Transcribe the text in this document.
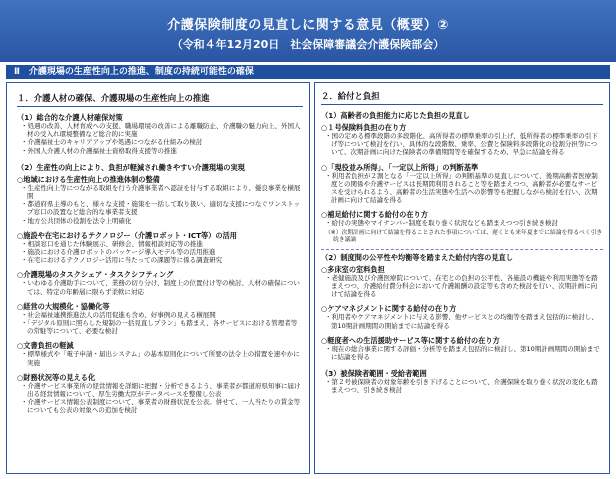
介護保険制度の見直しに関する意見（概要）②
（令和４年12月20日　社会保障審議会介護保険部会）
Ⅱ　介護現場の生産性向上の推進、制度の持続可能性の確保
１．介護人材の確保、介護現場の生産性向上の推進
（1）総合的な介護人材確保対策
・処遇の改善、人材育成への支援、職場環境の改善による離職防止、介護職の魅力向上、外国人材の受入れ環境整備など総合的に実施
・介護福祉士のキャリアアップや処遇につながる仕組みの検討
・外国人介護人材の介護福祉士資格取得支援等の推進
（2）生産性の向上により、負担が軽減され働きやすい介護現場の実現
○地域における生産性向上の推進体制の整備
・生産性向上等につながる取組を行う介護事業者へ認証を付与する取組により、優良事業を横展開
・都道府県主導のもと、様々な支援・施策を一括して取り扱い、適切な支援につなぐワンストップ窓口の設置など総合的な事業者支援
・地方公共団体の役割を法令上明確化
○施設や在宅におけるテクノロジー（介護ロボット・ICT等）の活用
・相談窓口を通じた体験展示、研修会、情報相談対応等の推進
・施設における介護ロボットのパッケージ導入モデル等の活用推進
・在宅におけるテクノロジー活用に当たっての課題等に係る調査研究
○介護現場のタスクシェア・タスクシフティング
・いわゆる介護助手について、業務の切り分け、制度上の位置付け等の検討、人材の確保については、特定の年齢層に限らず柔軟に対応
○経営の大規模化・協働化等
・社会福祉連携推進法人の活用促進も含め、好事例の見える横展開
・「デジタル原則に照らした規制の一括見直しプラン」も踏まえ、各サービスにおける管理者等の常駐等について、必要な検討
○文書負担の軽減
・標準様式や「電子申請・届出システム」の基本原則化について所要の法令上の措置を速やかに実施
○財務状況等の見える化
・介護サービス事業所の経営情報を詳細に把握・分析できるよう、事業者が都道府県知事に届け出る経営情報について、厚生労働大臣がデータベースを整備し公表
・介護サービス情報公表制度について、事業者の財務状況を公表。併せて、一人当たりの賃金等についても公表の対象への追加を検討
２．給付と負担
（1）高齢者の負担能力に応じた負担の見直し
○１号保険料負担の在り方
・国の定める標準段階の多段階化、高所得者の標準乗率の引上げ、低所得者の標準乗率の引下げ等について検討を行い、具体的な段階数、乗率、公費と保険料多段階化の役割分担等について、次期計画に向けた保険者の準備期間等を確保するため、早急に結論を得る
○「現役並み所得」、「一定以上所得」の判断基準
・利用者負担が２割となる「一定以上所得」の判断基準の見直しについて、後期高齢者医療制度との関係や介護サービスは長期間利用されること等を踏まえつつ、高齢者が必要なサービスを受けられるよう、高齢者の生活実態や生活への影響等も把握しながら検討を行い、次期計画に向けて結論を得る
○補足給付に関する給付の在り方
・給付の実態やマイナンバー制度を取り巻く状況なども踏まえつつ引き続き検討
（※）次期計画に向けて結論を得ることされた事項については、遅くとも来年夏までに結論を得るべく引き続き議論
（2）制度間の公平性や均衡等を踏まえた給付内容の見直し
○多床室の室料負担
・老健施設及び介護医療院について、在宅との負担の公平性、各施設の機能や利用実態等を踏まえつつ、介護給付費分科会において介護報酬の設定等も含めた検討を行い、次期計画に向けて結論を得る
○ケアマネジメントに関する給付の在り方
・利用者やケアマネジメントに与える影響、他サービスとの均衡等を踏まえ包括的に検討し、第10期計画期間の開始までに結論を得る
○軽度者への生活援助サービス等に関する給付の在り方
・現在の総合事業に関する評価・分析等を踏まえ包括的に検討し、第10期計画期間の開始までに結論を得る
（3）被保険者範囲・受給者範囲
・第２号被保険者の対象年齢を引き下げることについて、介護保険を取り巻く状況の変化も踏まえつつ、引き続き検討
